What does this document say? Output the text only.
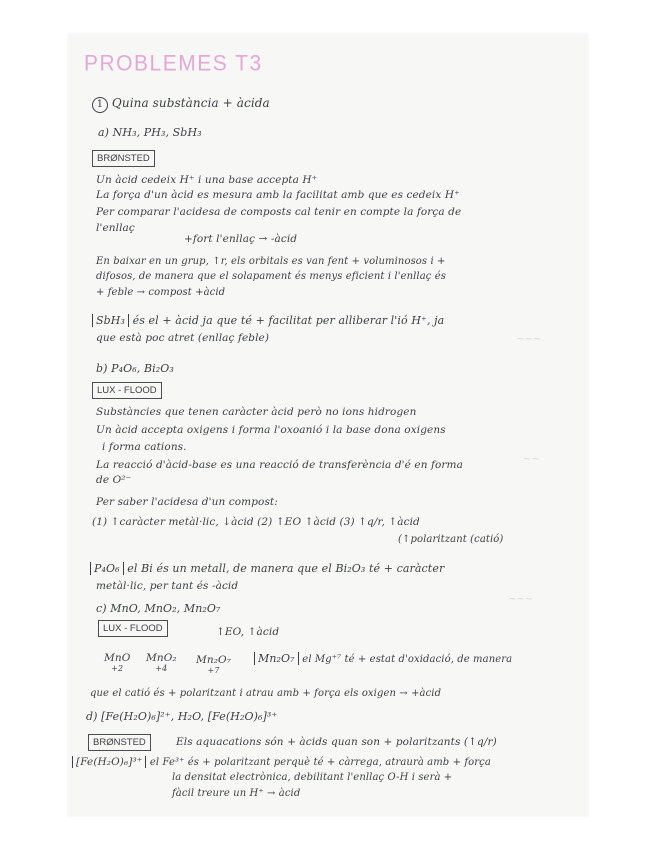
~~~
~~
~~~
PROBLEMES T3
1 Quina substància + àcida

a) NH₃, PH₃, SbH₃

BRØNSTED

Un àcid cedeix H⁺ i una base accepta H⁺

La força d'un àcid es mesura amb la facilitat amb que es cedeix H⁺

Per comparar l'acidesa de composts cal tenir en compte la força de

l'enllaç

+fort l'enllaç → -àcid

En baixar en un grup, ↑r, els orbitals es van fent + voluminosos i +

difosos, de manera que el solapament és menys eficient i l'enllaç és

+ feble → compost +àcid

SbH₃ és el + àcid ja que té + facilitat per alliberar l'ió H⁺, ja

que està poc atret (enllaç feble)

b) P₄O₆, Bi₂O₃

LUX - FLOOD

Substàncies que tenen caràcter àcid però no ions hidrogen

Un àcid accepta oxigens i forma l'oxoanió i la base dona oxigens

i forma cations.

La reacció d'àcid-base es una reacció de transferència d'é en forma

de O²⁻

Per saber l'acidesa d'un compost:

(1) ↑caràcter metàl·lic, ↓àcid (2) ↑EO ↑àcid (3) ↑q/r, ↑àcid

(↑polaritzant (catió)

P₄O₆ el Bi és un metall, de manera que el Bi₂O₃ té + caràcter

metàl·lic, per tant és -àcid

c) MnO, MnO₂, Mn₂O₇

LUX - FLOOD	↑EO, ↑àcid

MnO
+2
MnO₂
+4
Mn₂O₇
+7
Mn₂O₇ el Mg⁺⁷ té + estat d'oxidació, de manera

que el catió és + polaritzant i atrau amb + força els oxigen → +àcid

d) [Fe(H₂O)₆]²⁺, H₂O, [Fe(H₂O)₆]³⁺

BRØNSTED	Els aquacations són + àcids quan son + polaritzants (↑q/r)

[Fe(H₂O)₆]³⁺ el Fe³⁺ és + polaritzant perquè té + càrrega, atraurà amb + força

la densitat electrònica, debilitant l'enllaç O-H i serà +

fàcil treure un H⁺ → àcid
